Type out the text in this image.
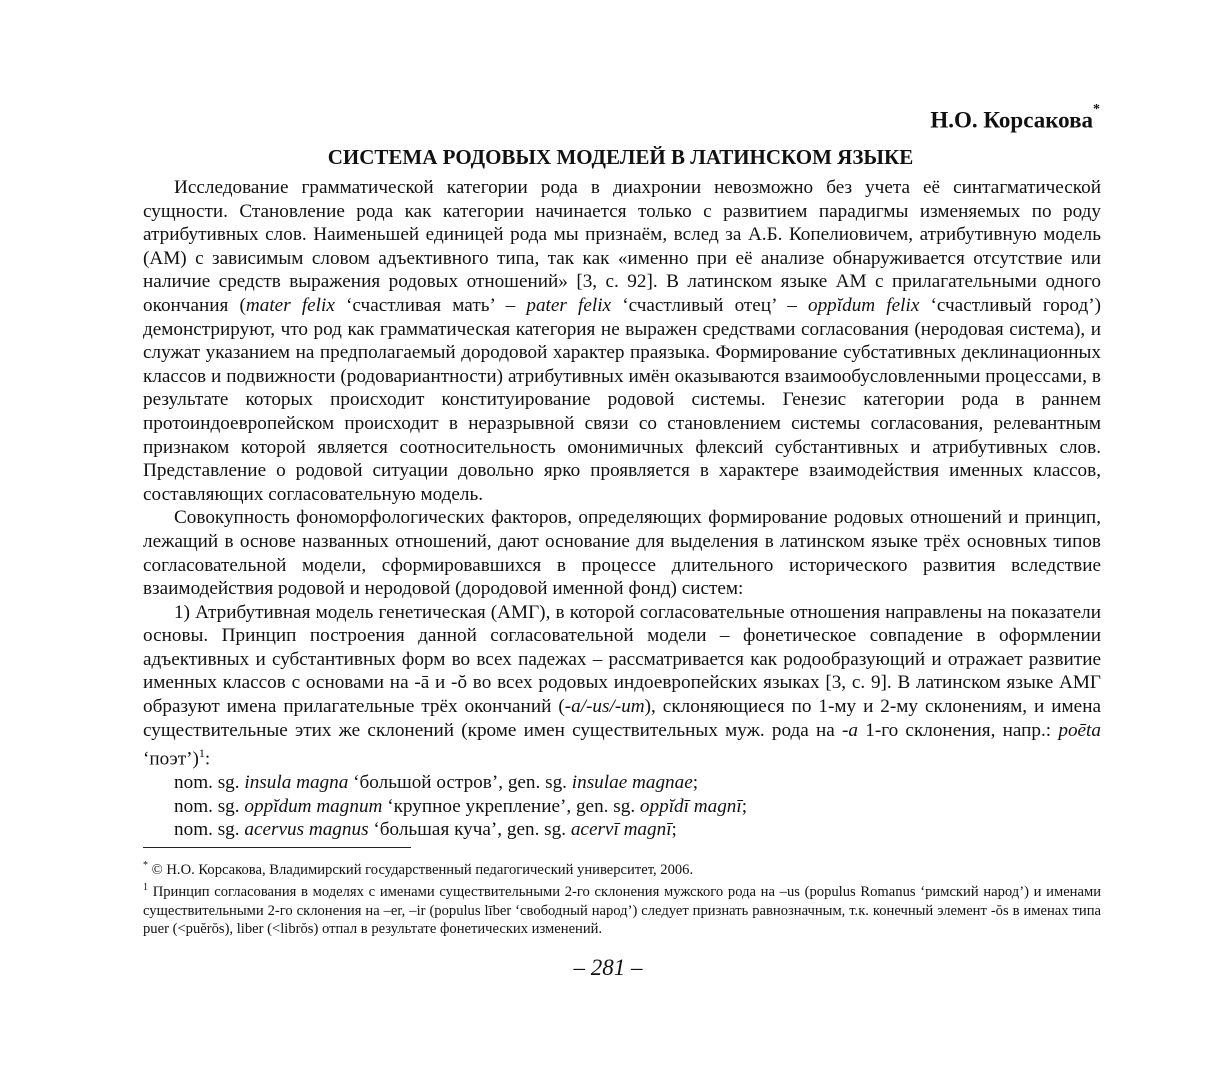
Н.О. Корсакова*
СИСТЕМА РОДОВЫХ МОДЕЛЕЙ В ЛАТИНСКОМ ЯЗЫКЕ

Исследование грамматической категории рода в диахронии невозможно без учета её синтагматической сущности. Становление рода как категории начинается только с развитием парадигмы изменяемых по роду атрибутивных слов. Наименьшей единицей рода мы признаём, вслед за А.Б. Копелиовичем, атрибутивную модель (АМ) с зависимым словом адъективного типа, так как «именно при её анализе обнаруживается отсутствие или наличие средств выражения родовых отношений» [3, с. 92]. В латинском языке АМ с прилагательными одного окончания (mater felix ‘счастливая мать’ – pater felix ‘счастливый отец’ – oppĭdum felix ‘счастливый город’) демонстрируют, что род как грамматическая категория не выражен средствами согласования (неродовая система), и служат указанием на предполагаемый дородовой характер праязыка. Формирование субстативных деклинационных классов и подвижности (родовариантности) атрибутивных имён оказываются взаимообусловленными процессами, в результате которых происходит конституирование родовой системы. Генезис категории рода в раннем протоиндоевропейском происходит в неразрывной связи со становлением системы согласования, релевантным признаком которой является соотносительность омонимичных флексий субстантивных и атрибутивных слов. Представление о родовой ситуации довольно ярко проявляется в характере взаимодействия именных классов, составляющих согласовательную модель.

Совокупность фономорфологических факторов, определяющих формирование родовых отношений и принцип, лежащий в основе названных отношений, дают основание для выделения в латинском языке трёх основных типов согласовательной модели, сформировавшихся в процессе длительного исторического развития вследствие взаимодействия родовой и неродовой (дородовой именной фонд) систем:

1) Атрибутивная модель генетическая (АМГ), в которой согласовательные отношения направлены на показатели основы. Принцип построения данной согласовательной модели – фонетическое совпадение в оформлении адъективных и субстантивных форм во всех падежах – рассматривается как родообразующий и отражает развитие именных классов с основами на -ā и -ŏ во всех родовых индоевропейских языках [3, с. 9]. В латинском языке АМГ образуют имена прилагательные трёх окончаний (-a/-us/-um), склоняющиеся по 1-му и 2-му склонениям, и имена существительные этих же склонений (кроме имен существительных муж. рода на -a 1-го склонения, напр.: poēta ‘поэт’)$^1$:

nom. sg. insula magna ‘большой остров’, gen. sg. insulae magnae;
nom. sg. oppĭdum magnum ‘крупное укрепление’, gen. sg. oppĭdī magnī;
nom. sg. acervus magnus ‘большая куча’, gen. sg. acervī magnī;

* © Н.О. Корсакова, Владимирский государственный педагогический университет, 2006.

$^1$ Принцип согласования в моделях с именами существительными 2-го склонения мужского рода на –us (populus Romanus ‘римский народ’) и именами существительными 2-го склонения на –er, –ir (populus līber ‘свободный народ’) следует признать равнозначным, т.к. конечный элемент -ŏs в именах типа puer (<puĕrŏs), liber (<librŏs) отпал в результате фонетических изменений.

– 281 –
